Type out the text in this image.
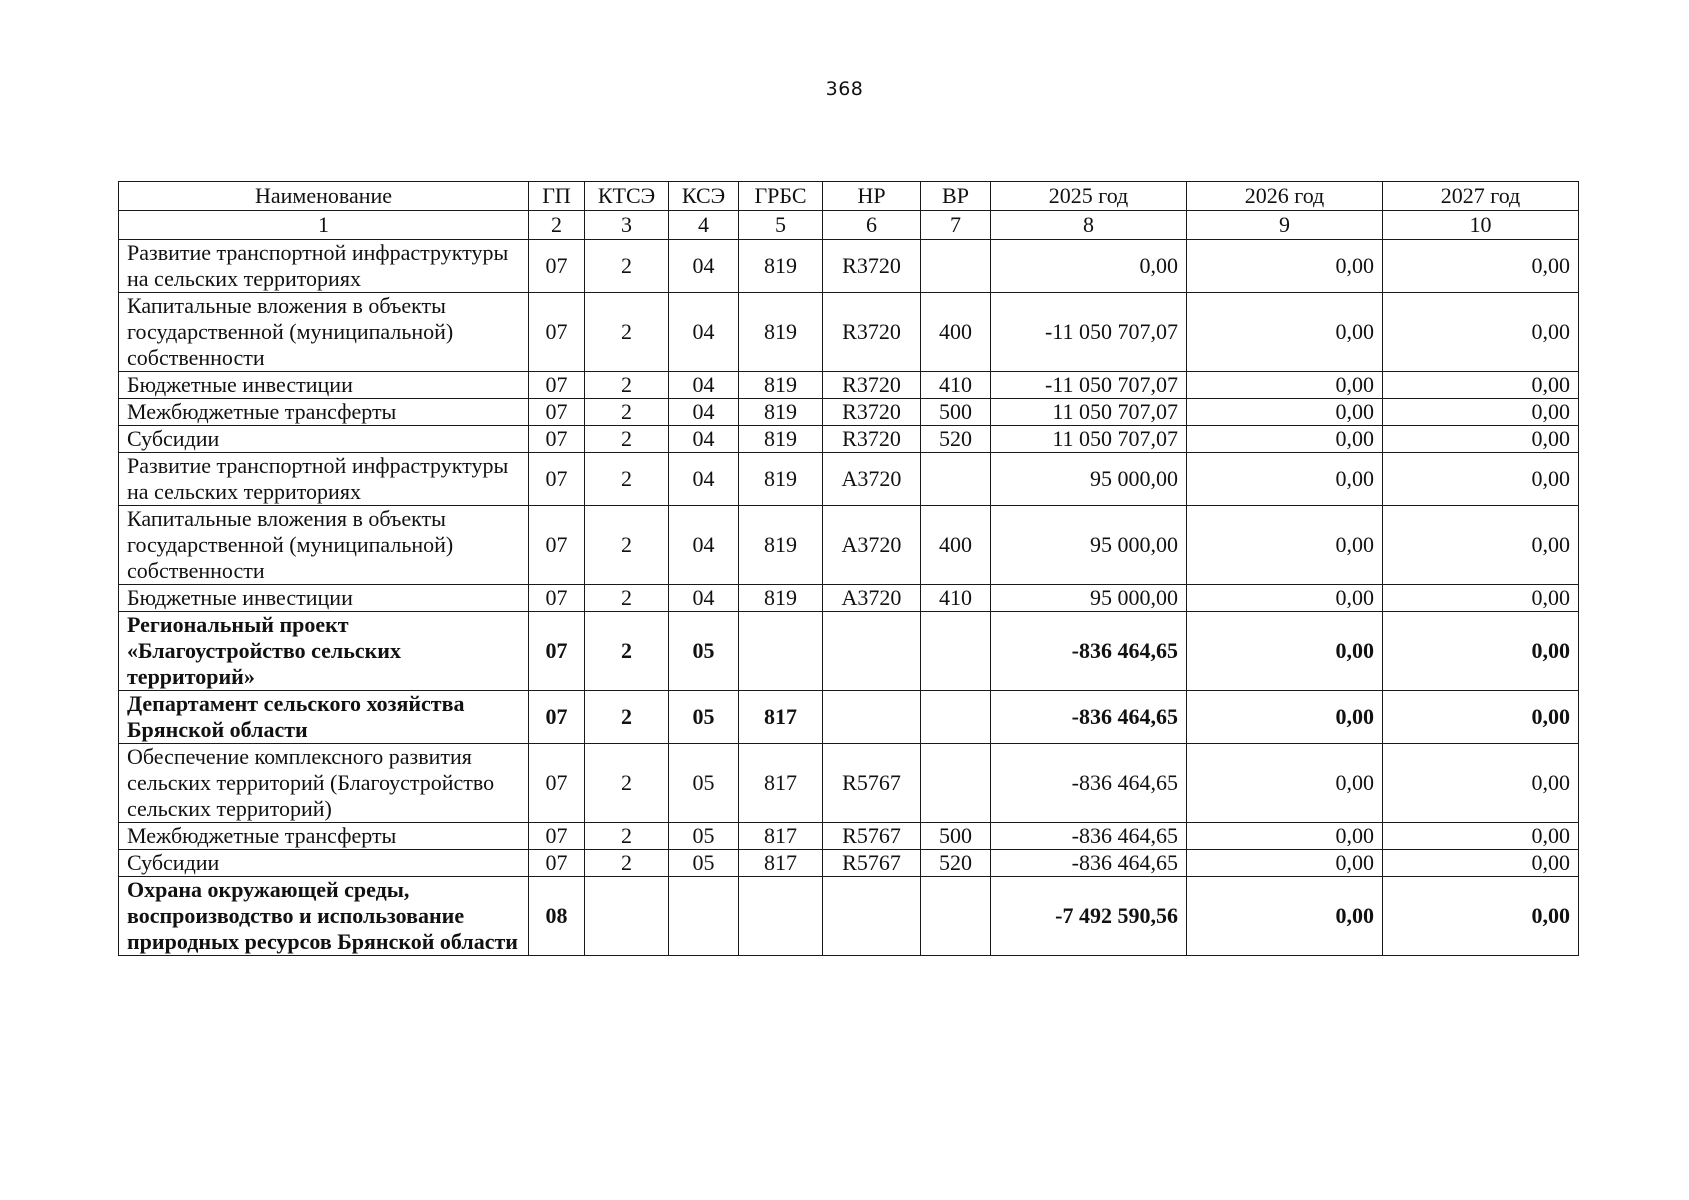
368
Наименование	ГП	КТСЭ	КСЭ	ГРБС	НР	ВР	2025 год	2026 год	2027 год
1	2	3	4	5	6	7	8	9	10
Развитие транспортной инфраструктуры на сельских территориях	07	2	04	819	R3720		0,00	0,00	0,00
Капитальные вложения в объекты государственной (муниципальной) собственности	07	2	04	819	R3720	400	-11 050 707,07	0,00	0,00
Бюджетные инвестиции	07	2	04	819	R3720	410	-11 050 707,07	0,00	0,00
Межбюджетные трансферты	07	2	04	819	R3720	500	11 050 707,07	0,00	0,00
Субсидии	07	2	04	819	R3720	520	11 050 707,07	0,00	0,00
Развитие транспортной инфраструктуры на сельских территориях	07	2	04	819	А3720		95 000,00	0,00	0,00
Капитальные вложения в объекты государственной (муниципальной) собственности	07	2	04	819	А3720	400	95 000,00	0,00	0,00
Бюджетные инвестиции	07	2	04	819	А3720	410	95 000,00	0,00	0,00
Региональный проект «Благоустройство сельских территорий»	07	2	05				-836 464,65	0,00	0,00
Департамент сельского хозяйства Брянской области	07	2	05	817			-836 464,65	0,00	0,00
Обеспечение комплексного развития сельских территорий (Благоустройство сельских территорий)	07	2	05	817	R5767		-836 464,65	0,00	0,00
Межбюджетные трансферты	07	2	05	817	R5767	500	-836 464,65	0,00	0,00
Субсидии	07	2	05	817	R5767	520	-836 464,65	0,00	0,00
Охрана окружающей среды, воспроизводство и использование природных ресурсов Брянской области	08						-7 492 590,56	0,00	0,00
